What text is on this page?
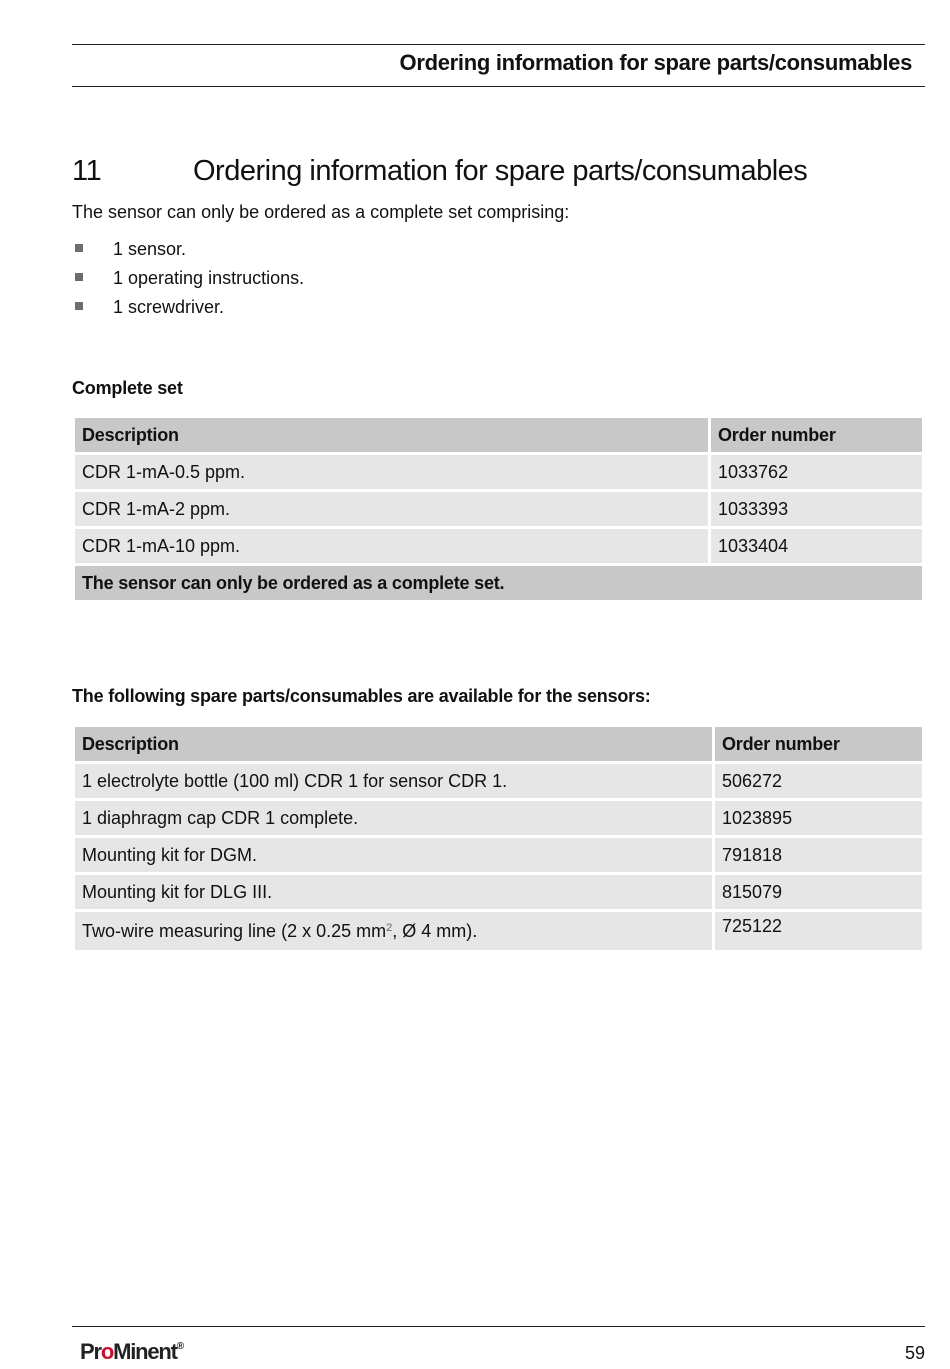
Ordering information for spare parts/consumables
11	Ordering information for spare parts/consumables
The sensor can only be ordered as a complete set comprising:
1 sensor.
1 operating instructions.
1 screwdriver.
Complete set
Description	Order number
CDR 1-mA-0.5 ppm.	1033762
CDR 1-mA-2 ppm.	1033393
CDR 1-mA-10 ppm.	1033404
The sensor can only be ordered as a complete set.	
The following spare parts/consumables are available for the sensors:
Description	Order number
1 electrolyte bottle (100 ml) CDR 1 for sensor CDR 1.	506272
1 diaphragm cap CDR 1 complete.	1023895
Mounting kit for DGM.	791818
Mounting kit for DLG III.	815079
Two-wire measuring line (2 x 0.25 $mm^2$, Ø 4 mm).	725122
ProMinent®	59
